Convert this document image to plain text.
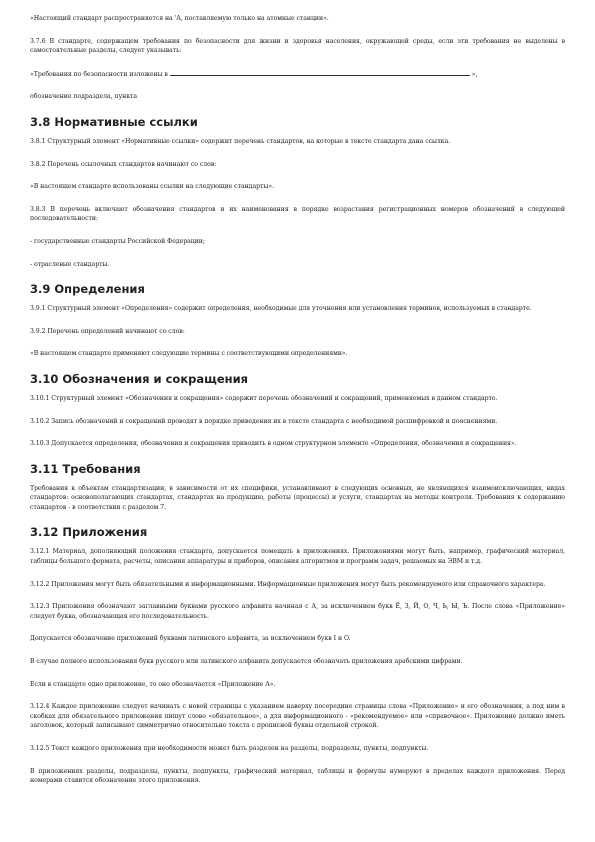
«Настоящий стандарт распространяется на 'А, поставляемую только на атомные станции».

3.7.6 В стандарте, содержащем требования по безопасности для жизни и здоровья населения, окружающей среды, если эти требования не выделены в самостоятельные разделы, следует указывать:

«Требования по безопасности изложены в	»,

обозначение подраздела, пункта

3.8 Нормативные ссылки

3.8.1 Структурный элемент «Нормативные ссылки» содержит перечень стандартов, на которые в тексте стандарта дана ссылка.

3.8.2 Перечень ссылочных стандартов начинают со слов:

«В настоящем стандарте использованы ссылки на следующие стандарты».

3.8.3 В перечень включают обозначения стандартов и их наименования в порядке возрастания регистрационных номеров обозначений в следующей последовательности:

- государственные стандарты Российской Федерации;

- отраслевые стандарты.

3.9 Определения

3.9.1 Структурный элемент «Определения» содержит определения, необходимые для уточнения или установления терминов, используемых в стандарте.

3.9.2 Перечень определений начинают со слов:

«В настоящем стандарте применяют следующие термины с соответствующими определениями».

3.10 Обозначения и сокращения

3.10.1 Структурный элемент «Обозначения и сокращения» содержит перечень обозначений и сокращений, применяемых в данном стандарте.

3.10.2 Запись обозначений и сокращений проводят в порядке приведения их в тексте стандарта с необходимой расшифровкой и пояснениями.

3.10.3 Допускается определения, обозначения и сокращения приводить в одном структурном элементе «Определения, обозначения и сокращения».

3.11 Требования

Требования к объектам стандартизации, в зависимости от их специфики, устанавливают в следующих основных, не являющихся взаимоисключающих, видах стандартов: основополагающих стандартах, стандартах на продукцию, работы (процессы) и услуги, стандартах на методы контроля. Требования к содержанию стандартов - в соответствии с разделом 7.

3.12 Приложения

3.12.1 Материал, дополняющий положения стандарта, допускается помещать в приложениях. Приложениями могут быть, например, графический материал, таблицы большого формата, расчеты, описания аппаратуры и приборов, описания алгоритмов и программ задач, решаемых на ЭВМ и т.д.

3.12.2 Приложения могут быть обязательными и информационными. Информационные приложения могут быть рекомендуемого или справочного характера.

3.12.3 Приложения обозначают заглавными буквами русского алфавита начиная с А, за исключением букв Ё, З, Й, О, Ч, Ь, Ы, Ъ. После слова «Приложение» следует буква, обозначающая его последовательность.

Допускается обозначение приложений буквами латинского алфавита, за исключением букв I и O.

В случае полного использования букв русского или латинского алфавита допускается обозначать приложения арабскими цифрами.

Если в стандарте одно приложение, то оно обозначается «Приложение А».

3.12.4 Каждое приложение следует начинать с новой страницы с указанием наверху посередине страницы слова «Приложение» и его обозначения, а под ним в скобках для обязательного приложения пишут слово «обязательное», а для информационного - «рекомендуемое» или «справочное». Приложение должно иметь заголовок, который записывают симметрично относительно текста с прописной буквы отдельной строкой.

3.12.5 Текст каждого приложения при необходимости может быть разделен на разделы, подразделы, пункты, подпункты.

В приложениях разделы, подразделы, пункты, подпункты, графический материал, таблицы и формулы нумеруют в пределах каждого приложения. Перед номерами ставится обозначение этого приложения.
